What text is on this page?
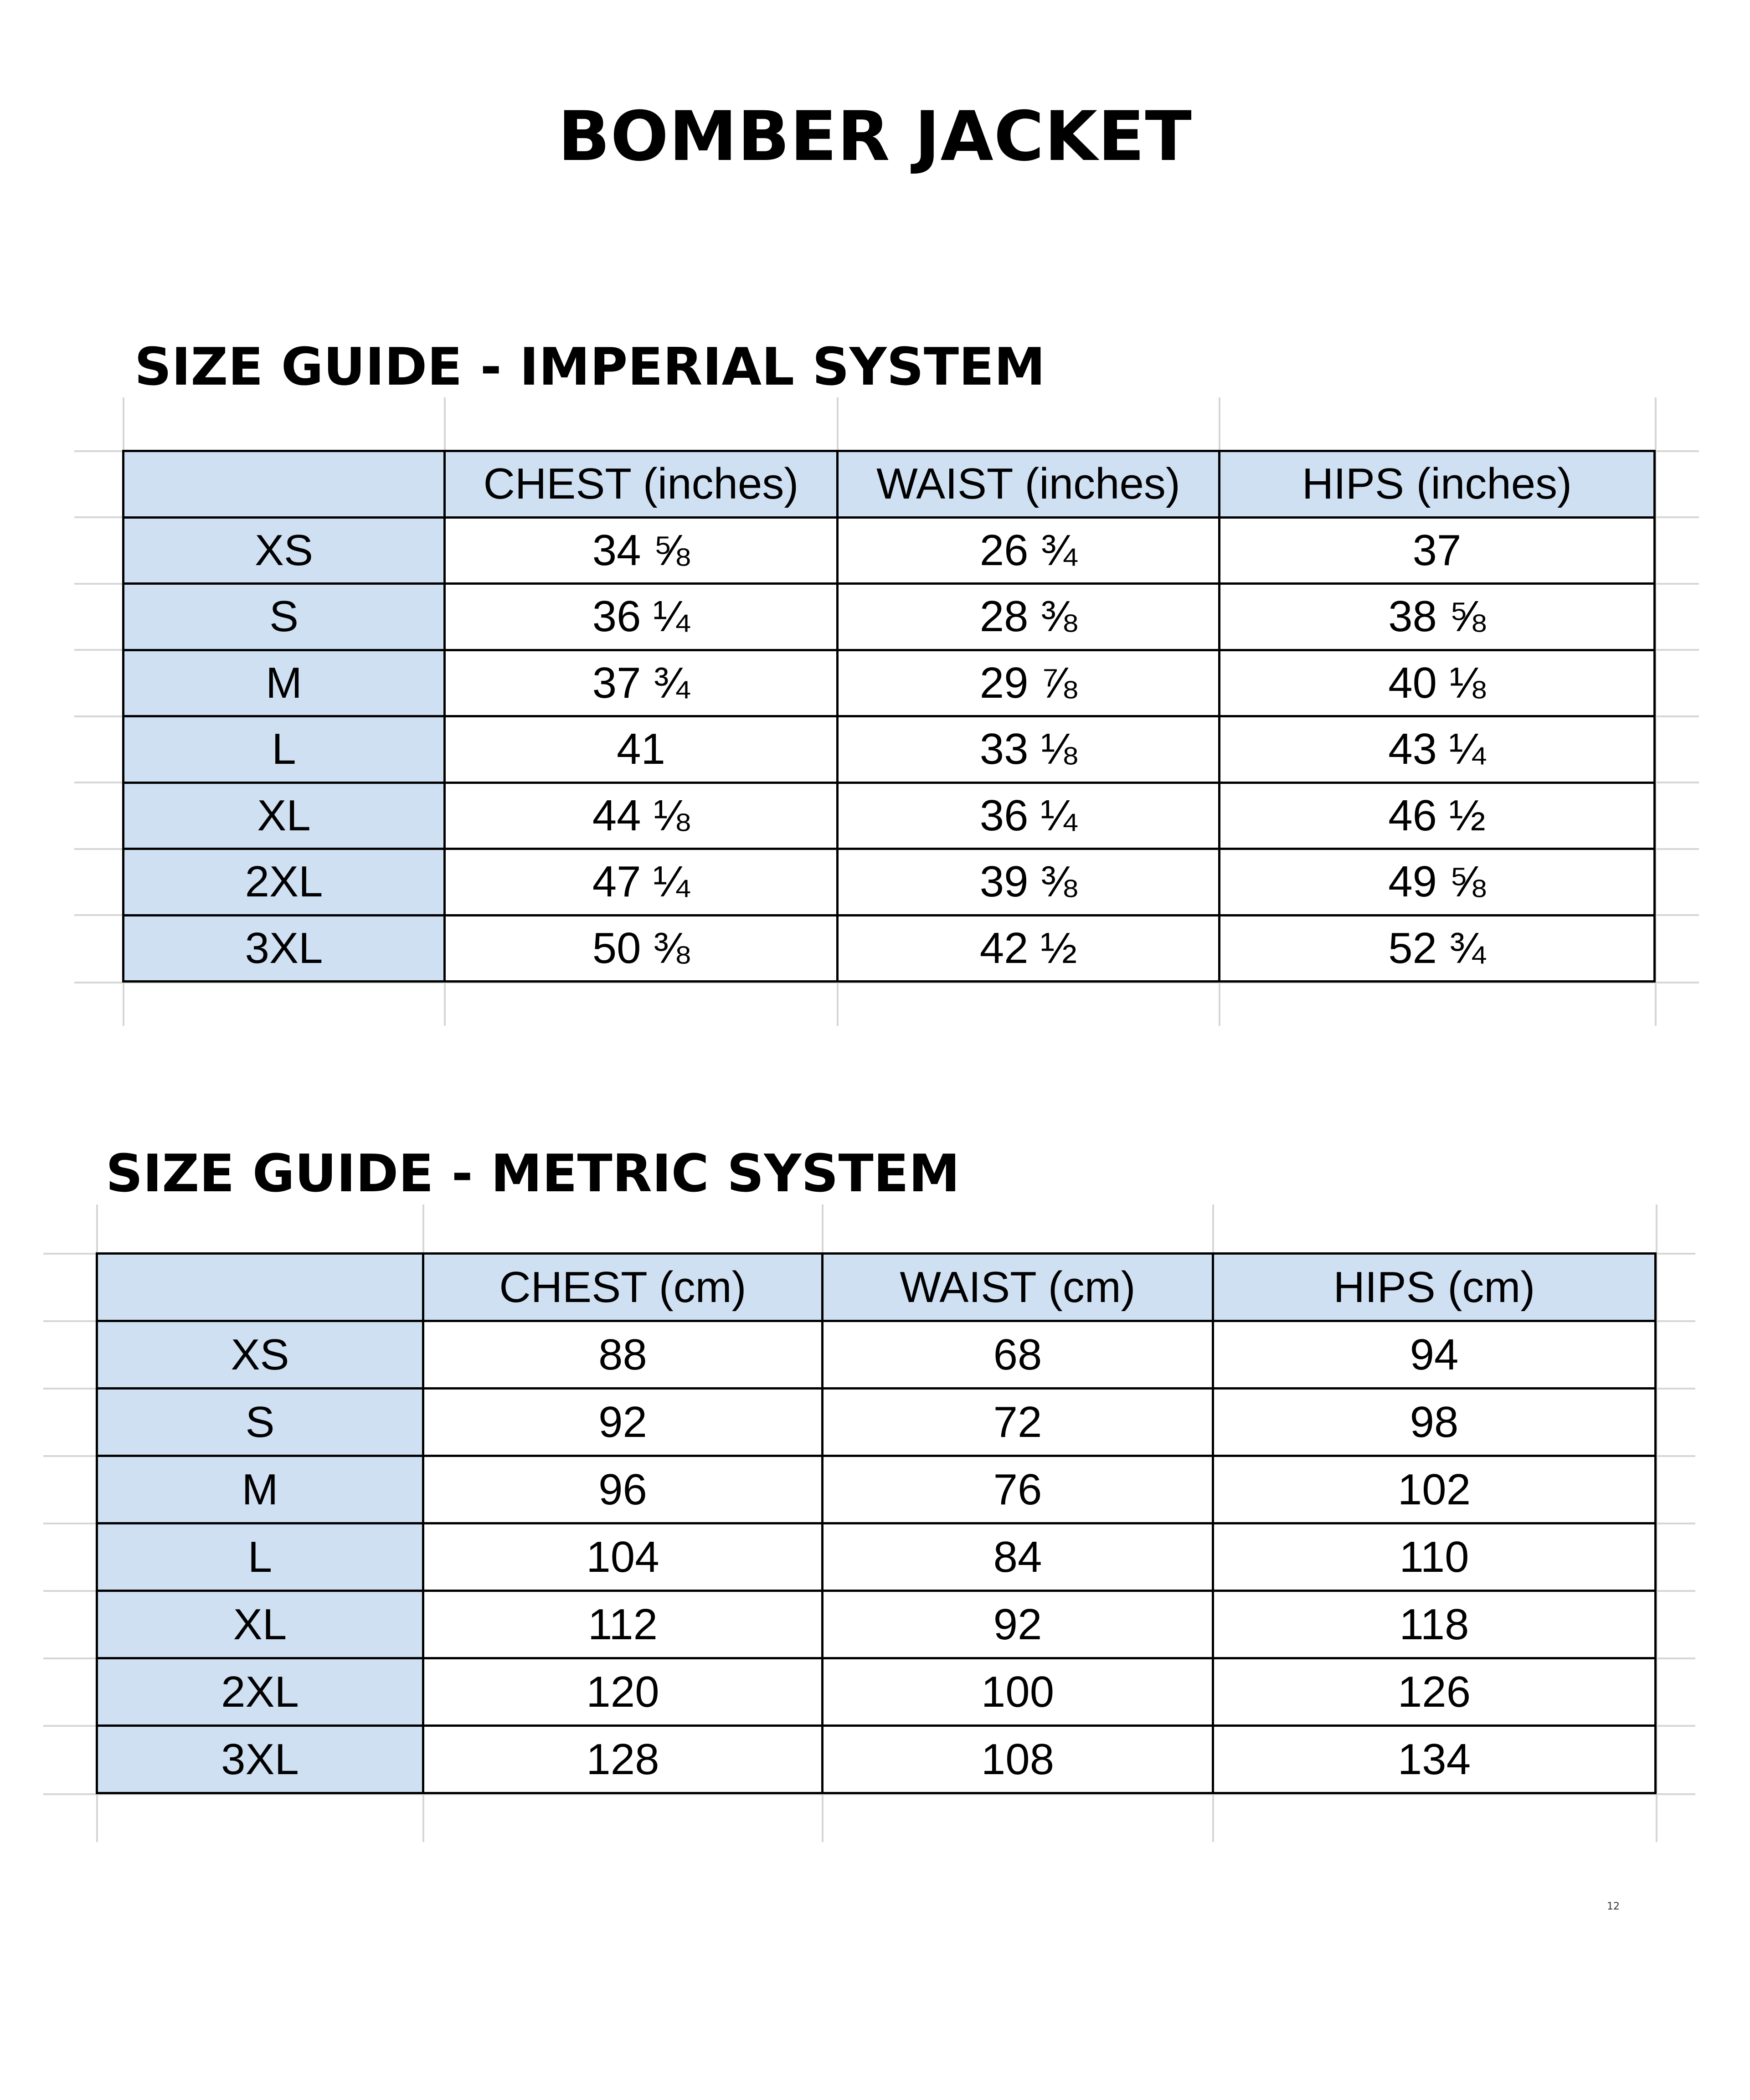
BOMBER JACKET
SIZE GUIDE - IMPERIAL SYSTEM
	CHEST (inches)	WAIST (inches)	HIPS (inches)
XS	34 ⅝	26 ¾	37
S	36 ¼	28 ⅜	38 ⅝
M	37 ¾	29 ⅞	40 ⅛
L	41	33 ⅛	43 ¼
XL	44 ⅛	36 ¼	46 ½
2XL	47 ¼	39 ⅜	49 ⅝
3XL	50 ⅜	42 ½	52 ¾
SIZE GUIDE - METRIC SYSTEM
	CHEST (cm)	WAIST (cm)	HIPS (cm)
XS	88	68	94
S	92	72	98
M	96	76	102
L	104	84	110
XL	112	92	118
2XL	120	100	126
3XL	128	108	134
12
